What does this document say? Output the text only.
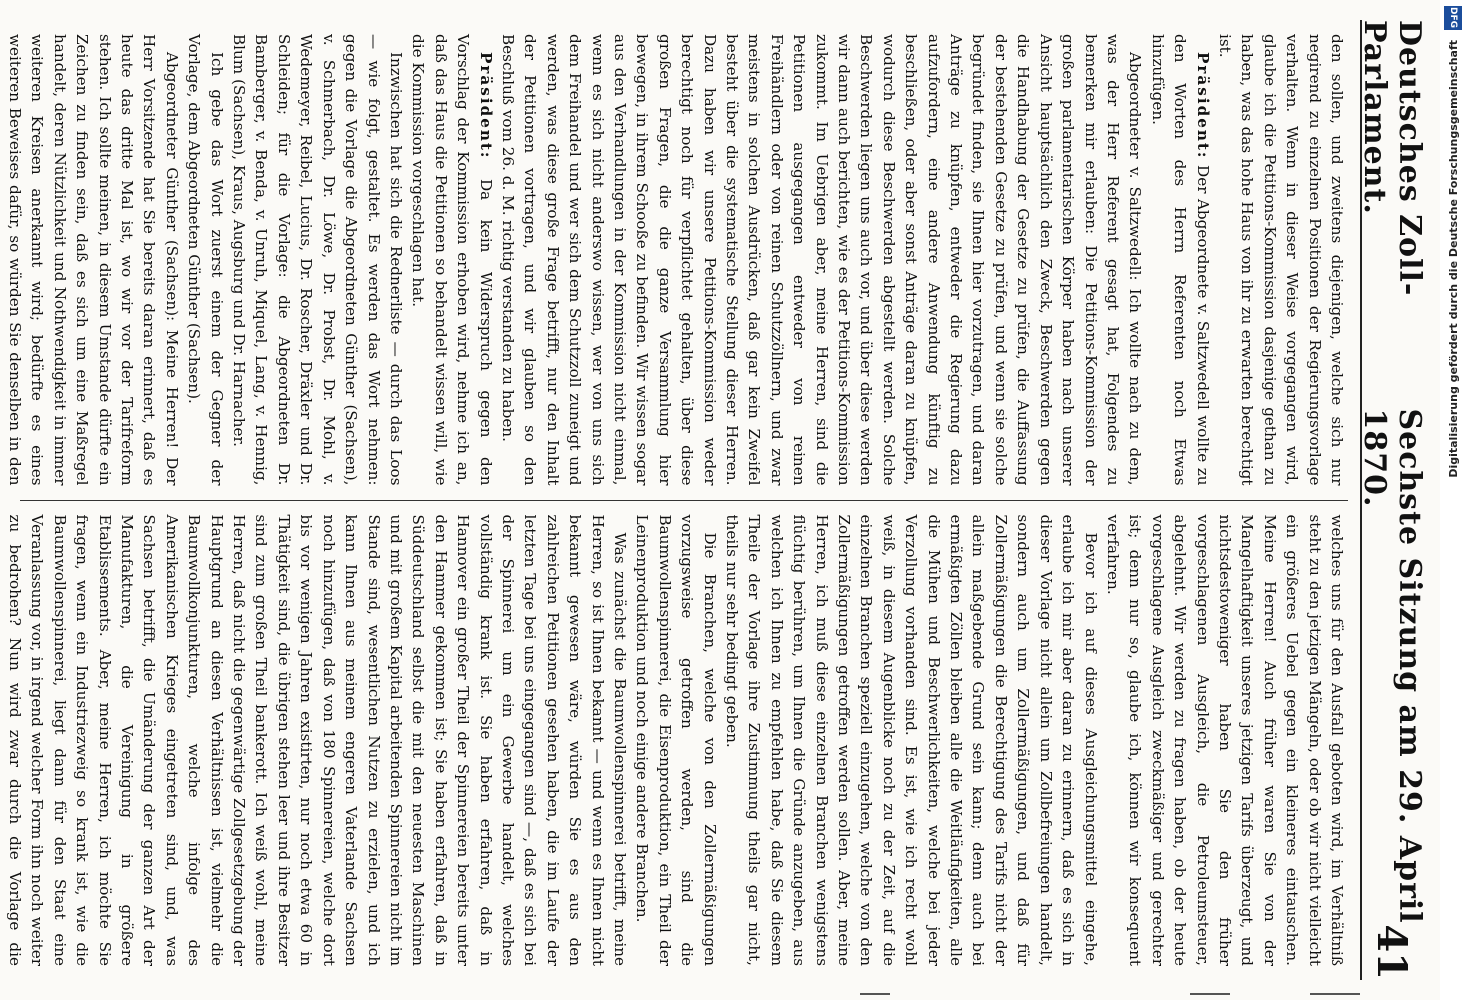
Deutsches Zoll-Parlament.
Sechste Sitzung am 29. April 1870.
41

den sollen, und zweitens diejenigen, welche sich nur negirend zu einzelnen Positionen der Regierungsvorlage verhalten. Wenn in dieser Weise vorgegangen wird, glaube ich die Petitions-Kommission dasjenige gethan zu haben, was das hohe Haus von ihr zu erwarten berechtigt ist.

Präsident: Der Abgeordnete v. Saltzwedell wollte zu den Worten des Herrn Referenten noch Etwas hinzufügen.

Abgeordneter v. Saltzwedell: Ich wollte nach zu dem, was der Herr Referent gesagt hat, Folgendes zu bemerken mir erlauben: Die Petitions-Kommission der großen parlamentarischen Körper haben nach unserer Ansicht hauptsächlich den Zweck, Beschwerden gegen die Handhabung der Gesetze zu prüfen, die Auffassung der bestehenden Gesetze zu prüfen, und wenn sie solche begründet finden, sie Ihnen hier vorzutragen, und daran Anträge zu knüpfen, entweder die Regierung dazu aufzufordern, eine andere Anwendung künftig zu beschließen, oder aber sonst Anträge daran zu knüpfen, wodurch diese Beschwerden abgestellt werden. Solche Beschwerden liegen uns auch vor, und über diese werden wir dann auch berichten, wie es der Petitions-Kommission zukommt. Im Uebrigen aber, meine Herren, sind die Petitionen ausgegangen entweder von reinen Freihändlern oder von reinen Schutzzöllnern, und zwar meistens in solchen Ausdrücken, daß gar kein Zweifel besteht über die systematische Stellung dieser Herren. Dazu haben wir unsere Petitions-Kommission weder berechtigt noch für verpflichtet gehalten, über diese großen Fragen, die die ganze Versammlung hier bewegen, in ihrem Schooße zu befinden. Wir wissen sogar aus den Verhandlungen in der Kommission nicht einmal, wenn es sich nicht anderswo wissen, wer von uns sich dem Freihandel und wer sich dem Schutzzoll zuneigt und werden, was diese große Frage betrifft, nur den Inhalt der Petitionen vortragen, und wir glauben so den Beschluß vom 26. d. M. richtig verstanden zu haben.

Präsident: Da kein Widerspruch gegen den Vorschlag der Kommission erhoben wird, nehme ich an, daß das Haus die Petitionen so behandelt wissen will, wie die Kommission vorgeschlagen hat.

Inzwischen hat sich die Rednerliste — durch das Loos — wie folgt, gestaltet. Es werden das Wort nehmen: gegen die Vorlage die Abgeordneten Günther (Sachsen), v. Schmerbach, Dr. Löwe, Dr. Probst, Dr. Mohl, v. Wedemeyer, Reibel, Lucius, Dr. Roscher, Dräxler und Dr. Schleiden; für die Vorlage: die Abgeordneten Dr. Bamberger, v. Benda, v. Unruh, Miquel, Lang, v. Hennig, Blum (Sachsen), Kraus, Augsburg und Dr. Harnacher.

Ich gebe das Wort zuerst einem der Gegner der Vorlage, dem Abgeordneten Günther (Sachsen).

Abgeordneter Günther (Sachsen): Meine Herren! Der Herr Vorsitzende hat Sie bereits daran erinnert, daß es heute das dritte Mal ist, wo wir vor der Tarifreform stehen. Ich sollte meinen, in diesem Umstande dürfte ein Zeichen zu finden sein, daß es sich um eine Maßregel handelt, deren Nützlichkeit und Nothwendigkeit in immer weiteren Kreisen anerkannt wird; bedürfte es eines weiteren Beweises dafür, so würden Sie denselben in den

welches uns für den Ausfall geboten wird, im Verhältniß steht zu den jetzigen Mängeln, oder ob wir nicht vielleicht ein größeres Uebel gegen ein kleineres eintauschen. Meine Herren! Auch früher waren Sie von der Mangelhaftigkeit unseres jetzigen Tarifs überzeugt, und nichtsdestoweniger haben Sie den früher vorgeschlagenen Ausgleich, die Petroleumsteuer, abgelehnt. Wir werden zu fragen haben, ob der heute vorgeschlagene Ausgleich zweckmäßiger und gerechter ist; denn nur so, glaube ich, können wir konsequent verfahren.

Bevor ich auf dieses Ausgleichungsmittel eingehe, erlaube ich mir aber daran zu erinnern, daß es sich in dieser Vorlage nicht allein um Zollbefreiungen handelt, sondern auch um Zollermäßigungen, und daß für Zollermäßigungen die Berechtigung des Tarifs nicht der allein maßgebende Grund sein kann; denn auch bei ermäßigten Zöllen bleiben alle die Weitläufigkeiten, alle die Mühen und Beschwerlichkeiten, welche bei jeder Verzollung vorhanden sind. Es ist, wie ich recht wohl weiß, in diesem Augenblicke noch zu der Zeit, auf die einzelnen Branchen speziell einzugehen, welche von den Zollermäßigungen getroffen werden sollen. Aber, meine Herren, ich muß diese einzelnen Branchen wenigstens flüchtig berühren, um Ihnen die Gründe anzugeben, aus welchen ich Ihnen zu empfehlen habe, daß Sie diesem Theile der Vorlage ihre Zustimmung theils gar nicht, theils nur sehr bedingt geben.

Die Branchen, welche von den Zollermäßigungen vorzugsweise getroffen werden, sind die Baumwollenspinnerei, die Eisenproduktion, ein Theil der Leinenproduktion und noch einige andere Branchen.

Was zunächst die Baumwollenspinnerei betrifft, meine Herren, so ist Ihnen bekannt — und wenn es Ihnen nicht bekannt gewesen wäre, würden Sie es aus den zahlreichen Petitionen gesehen haben, die im Laufe der letzten Tage bei uns eingegangen sind —, daß es sich bei der Spinnerei um ein Gewerbe handelt, welches vollständig krank ist. Sie haben erfahren, daß in Hannover ein großer Theil der Spinnereien bereits unter den Hammer gekommen ist; Sie haben erfahren, daß in Süddeutschland selbst die mit den neuesten Maschinen und mit großem Kapital arbeitenden Spinnereien nicht im Stande sind, wesentlichen Nutzen zu erzielen, und ich kann Ihnen aus meinem engeren Vaterlande Sachsen noch hinzufügen, daß von 180 Spinnereien, welche dort bis vor wenigen Jahren existirten, nur noch etwa 60 in Thätigkeit sind, die übrigen stehen leer und ihre Besitzer sind zum großen Theil bankerott. Ich weiß wohl, meine Herren, daß nicht die gegenwärtige Zollgesetzgebung der Hauptgrund an diesen Verhältnissen ist, vielmehr die Baumwollkonjunkturen, welche infolge des Amerikanischen Krieges eingetreten sind, und, was Sachsen betrifft, die Umänderung der ganzen Art der Manufakturen, die Vereinigung in größere Etablissements. Aber, meine Herren, ich möchte Sie fragen, wenn ein Industriezweig so krank ist, wie die Baumwollenspinnerei, liegt dann für den Staat eine Veranlassung vor, in irgend welcher Form ihn noch weiter zu bedrohen? Nun wird zwar durch die Vorlage die

DFG
Digitalisierung gefördert durch die Deutsche Forschungsgemeinschaft
